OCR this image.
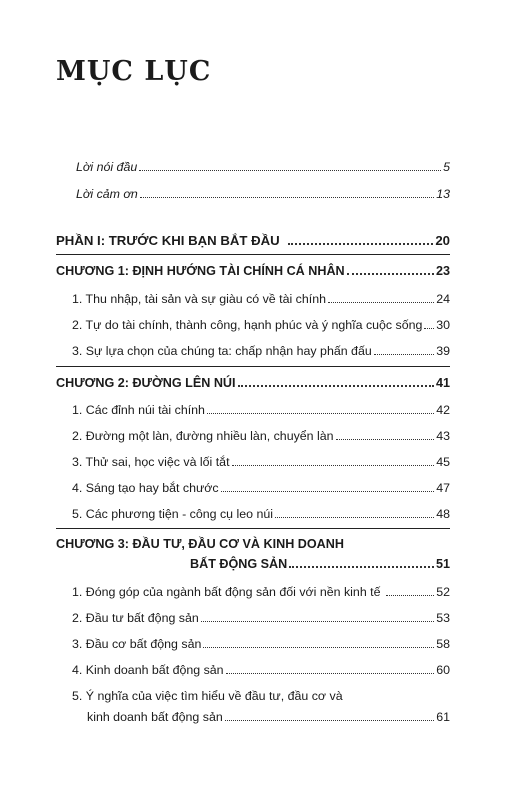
MỤC LỤC
Lời nói đầu	5
Lời cảm ơn	13
PHẦN I: TRƯỚC KHI BẠN BẮT ĐẦU	20
CHƯƠNG 1: ĐỊNH HƯỚNG TÀI CHÍNH CÁ NHÂN	23
1. Thu nhập, tài sản và sự giàu có về tài chính	24
2. Tự do tài chính, thành công, hạnh phúc và ý nghĩa cuộc sống 30
3. Sự lựa chọn của chúng ta: chấp nhận hay phấn đấu	39
CHƯƠNG 2: ĐƯỜNG LÊN NÚI	41
1. Các đỉnh núi tài chính	42
2. Đường một làn, đường nhiều làn, chuyển làn	43
3. Thử sai, học việc và lối tắt	45
4. Sáng tạo hay bắt chước	47
5. Các phương tiện - công cụ leo núi	48
CHƯƠNG 3: ĐẦU TƯ, ĐẦU CƠ VÀ KINH DOANH
BẤT ĐỘNG SẢN	51
1. Đóng góp của ngành bất động sản đối với nền kinh tế	52
2. Đầu tư bất động sản	53
3. Đầu cơ bất động sản	58
4. Kinh doanh bất động sản	60
5. Ý nghĩa của việc tìm hiểu về đầu tư, đầu cơ và
kinh doanh bất động sản	61
